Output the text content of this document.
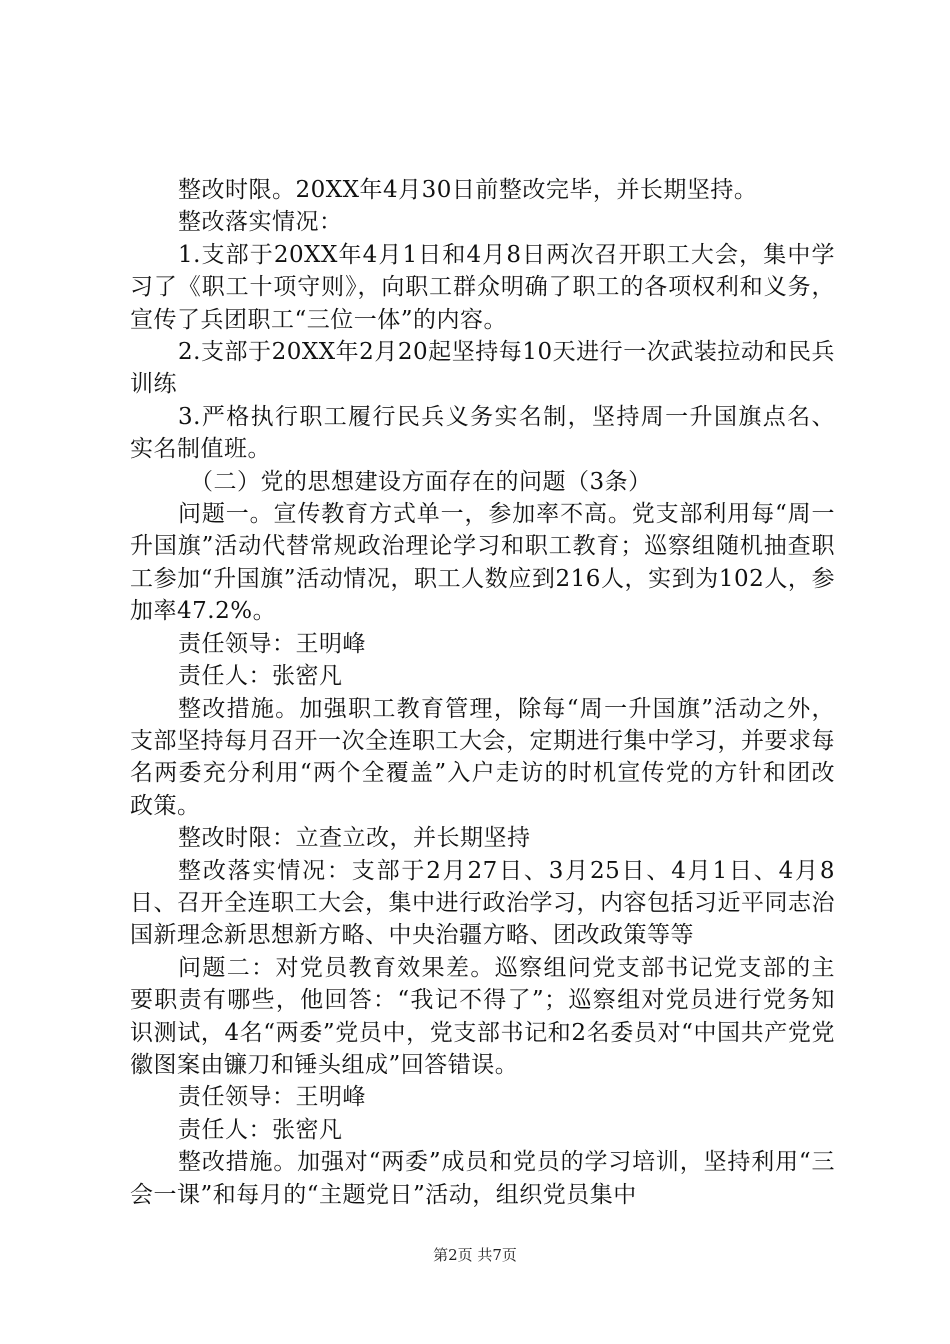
整改时限。20XX年4月30日前整改完毕，并长期坚持。

整改落实情况：

1.支部于20XX年4月1日和4月8日两次召开职工大会，集中学习了《职工十项守则》，向职工群众明确了职工的各项权利和义务，宣传了兵团职工“三位一体”的内容。

2.支部于20XX年2月20起坚持每10天进行一次武装拉动和民兵训练

3.严格执行职工履行民兵义务实名制，坚持周一升国旗点名、实名制值班。

（二）党的思想建设方面存在的问题（3条）

问题一。宣传教育方式单一，参加率不高。党支部利用每“周一升国旗”活动代替常规政治理论学习和职工教育；巡察组随机抽查职工参加“升国旗”活动情况，职工人数应到216人，实到为102人，参加率47.2%。

责任领导：王明峰

责任人：张密凡

整改措施。加强职工教育管理，除每“周一升国旗”活动之外，支部坚持每月召开一次全连职工大会，定期进行集中学习，并要求每名两委充分利用“两个全覆盖”入户走访的时机宣传党的方针和团改政策。

整改时限：立查立改，并长期坚持

整改落实情况：支部于2月27日、3月25日、4月1日、4月8日、召开全连职工大会，集中进行政治学习，内容包括习近平同志治国新理念新思想新方略、中央治疆方略、团改政策等等

问题二：对党员教育效果差。巡察组问党支部书记党支部的主要职责有哪些，他回答：“我记不得了”；巡察组对党员进行党务知识测试，4名“两委”党员中，党支部书记和2名委员对“中国共产党党徽图案由镰刀和锤头组成”回答错误。

责任领导：王明峰

责任人：张密凡

整改措施。加强对“两委”成员和党员的学习培训，坚持利用“三会一课”和每月的“主题党日”活动，组织党员集中

第2页 共7页
